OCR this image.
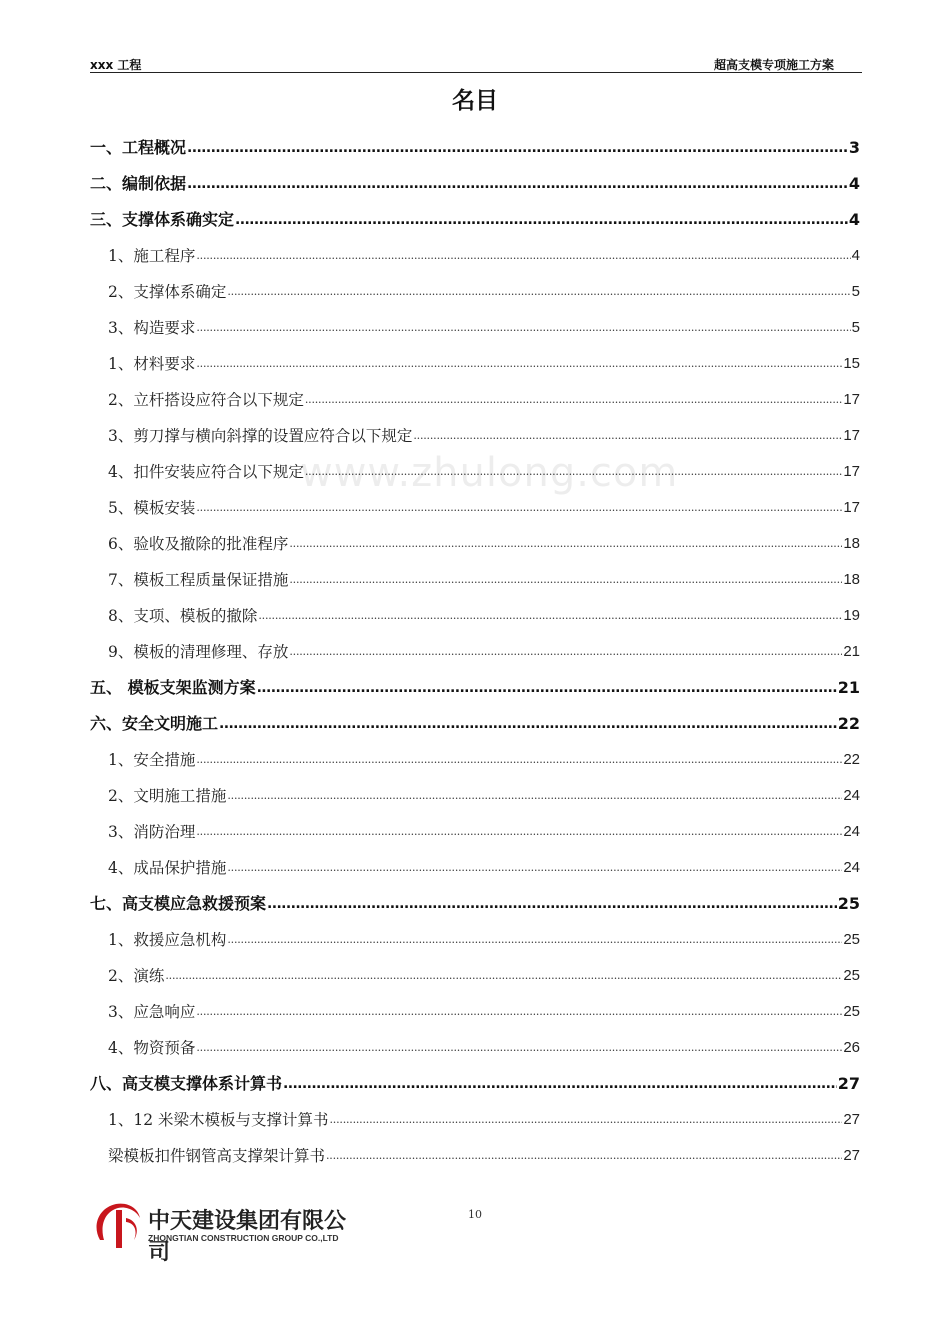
xxx 工程	超高支模专项施工方案
名目
一、工程概况 .....	3
二、编制依据 .....	4
三、支撑体系确实定 .....	4
1、施工程序 .....	4
2、支撑体系确定 .....	5
3、构造要求 .....	5
1、材料要求 .....	15
2、立杆搭设应符合以下规定 .....	17
3、剪刀撑与横向斜撑的设置应符合以下规定 .....	17
4、扣件安装应符合以下规定 .....	17
5、模板安装 .....	17
6、验收及撤除的批准程序 .....	18
7、模板工程质量保证措施 .....	18
8、支项、模板的撤除 .....	19
9、模板的清理修理、存放 .....	21
五、 模板支架监测方案 .....	21
六、安全文明施工 .....	22
1、安全措施 .....	22
2、文明施工措施 .....	24
3、消防治理 .....	24
4、成品保护措施 .....	24
七、高支模应急救援预案 .....	25
1、救援应急机构 .....	25
2、演练 .....	25
3、应急响应 .....	25
4、物资预备 .....	26
八、高支模支撑体系计算书 .....	27
1、12 米梁木模板与支撑计算书 .....	27
梁模板扣件钢管高支撑架计算书 .....	27
www.zhulong.com
10
中天建设集团有限公司
ZHONGTIAN CONSTRUCTION GROUP CO.,LTD
